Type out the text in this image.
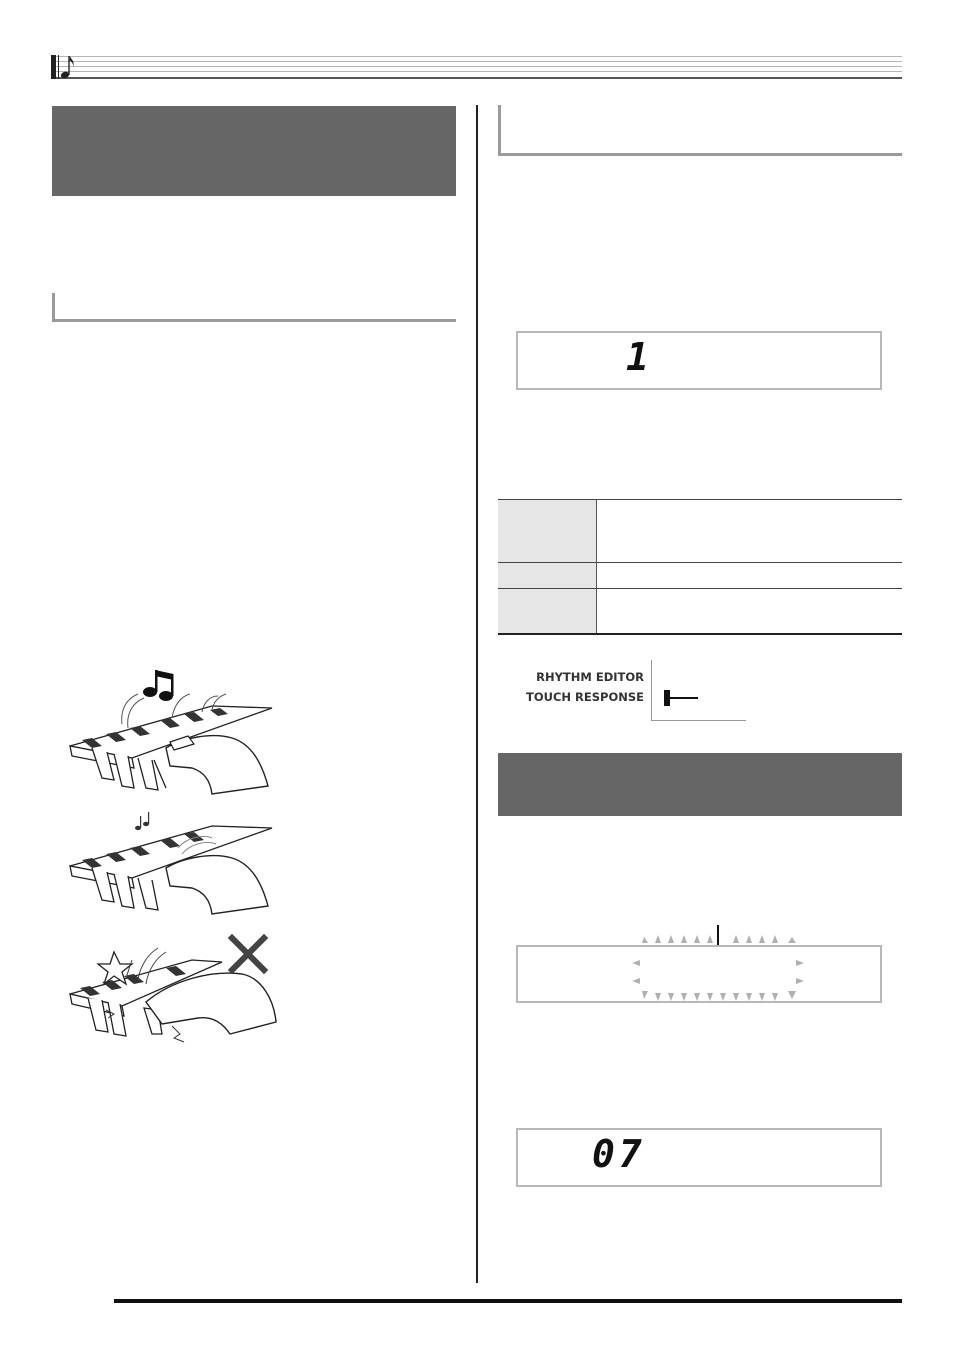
1
RHYTHM EDITOR
TOUCH RESPONSE
07
